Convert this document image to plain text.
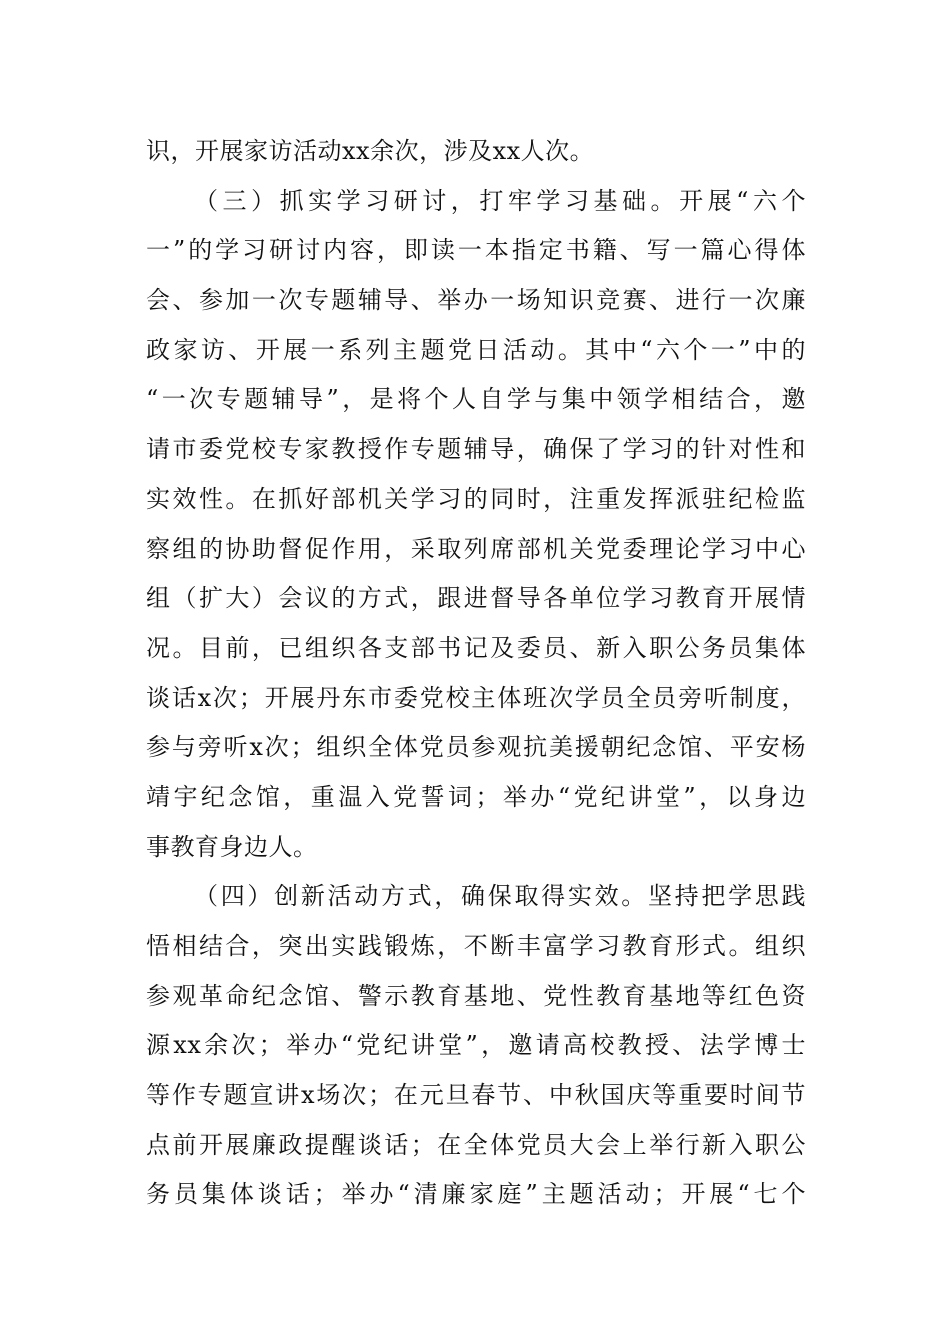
识，开展家访活动xx余次，涉及xx人次。
（三）抓实学习研讨，打牢学习基础。开展“六个
一”的学习研讨内容，即读一本指定书籍、写一篇心得体
会、参加一次专题辅导、举办一场知识竞赛、进行一次廉
政家访、开展一系列主题党日活动。其中“六个一”中的
“一次专题辅导”，是将个人自学与集中领学相结合，邀
请市委党校专家教授作专题辅导，确保了学习的针对性和
实效性。在抓好部机关学习的同时，注重发挥派驻纪检监
察组的协助督促作用，采取列席部机关党委理论学习中心
组（扩大）会议的方式，跟进督导各单位学习教育开展情
况。目前，已组织各支部书记及委员、新入职公务员集体
谈话x次；开展丹东市委党校主体班次学员全员旁听制度，
参与旁听x次；组织全体党员参观抗美援朝纪念馆、平安杨
靖宇纪念馆，重温入党誓词；举办“党纪讲堂”，以身边
事教育身边人。
（四）创新活动方式，确保取得实效。坚持把学思践
悟相结合，突出实践锻炼，不断丰富学习教育形式。组织
参观革命纪念馆、警示教育基地、党性教育基地等红色资
源xx余次；举办“党纪讲堂”，邀请高校教授、法学博士
等作专题宣讲x场次；在元旦春节、中秋国庆等重要时间节
点前开展廉政提醒谈话；在全体党员大会上举行新入职公
务员集体谈话；举办“清廉家庭”主题活动；开展“七个
